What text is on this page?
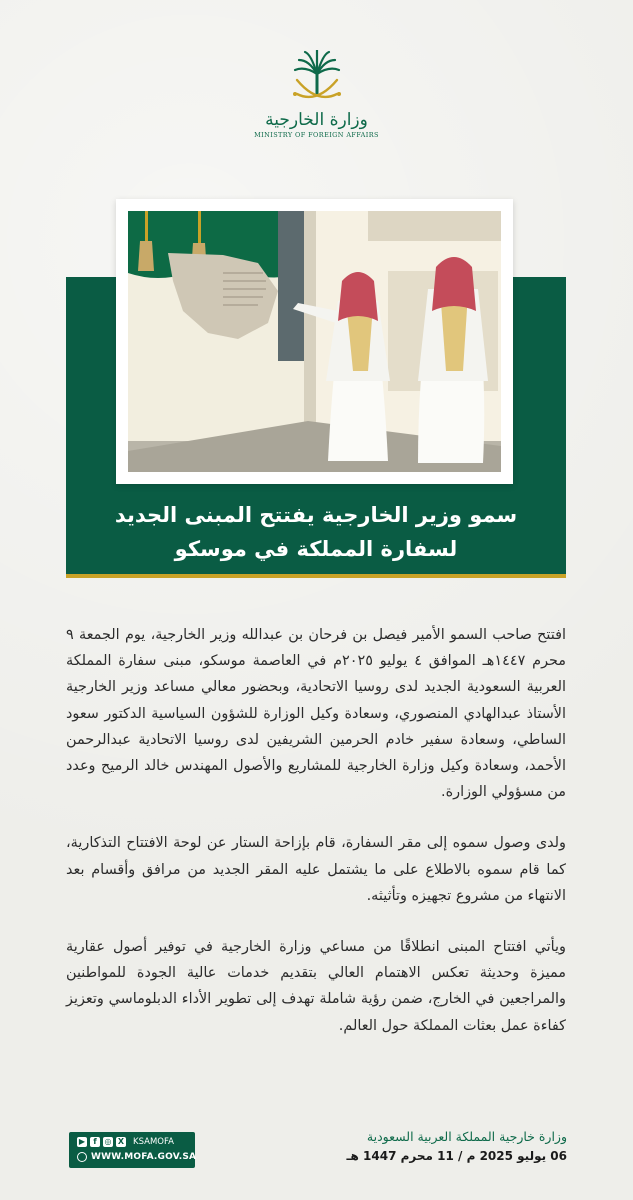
وزارة الخارجية
MINISTRY OF FOREIGN AFFAIRS
سمو وزير الخارجية يفتتح المبنى الجديد
لسفارة المملكة في موسكو

افتتح صاحب السمو الأمير فيصل بن فرحان بن عبدالله وزير الخارجية، يوم الجمعة ٩ محرم ١٤٤٧هـ الموافق ٤ يوليو ٢٠٢٥م في العاصمة موسكو، مبنى سفارة المملكة العربية السعودية الجديد لدى روسيا الاتحادية، وبحضور معالي مساعد وزير الخارجية الأستاذ عبدالهادي المنصوري، وسعادة وكيل الوزارة للشؤون السياسية الدكتور سعود الساطي، وسعادة سفير خادم الحرمين الشريفين لدى روسيا الاتحادية عبدالرحمن الأحمد، وسعادة وكيل وزارة الخارجية للمشاريع والأصول المهندس خالد الرميح وعدد من مسؤولي الوزارة.

ولدى وصول سموه إلى مقر السفارة، قام بإزاحة الستار عن لوحة الافتتاح التذكارية، كما قام سموه بالاطلاع على ما يشتمل عليه المقر الجديد من مرافق وأقسام بعد الانتهاء من مشروع تجهيزه وتأثيثه.

ويأتي افتتاح المبنى انطلاقًا من مساعي وزارة الخارجية في توفير أصول عقارية مميزة وحديثة تعكس الاهتمام العالي بتقديم خدمات عالية الجودة للمواطنين والمراجعين في الخارج، ضمن رؤية شاملة تهدف إلى تطوير الأداء الدبلوماسي وتعزيز كفاءة عمل بعثات المملكة حول العالم.

▶	f ◎ X KSAMOFA
WWW.MOFA.GOV.SA
وزارة خارجية المملكة العربية السعودية
06 يوليو 2025 م / 11 محرم 1447 هـ
